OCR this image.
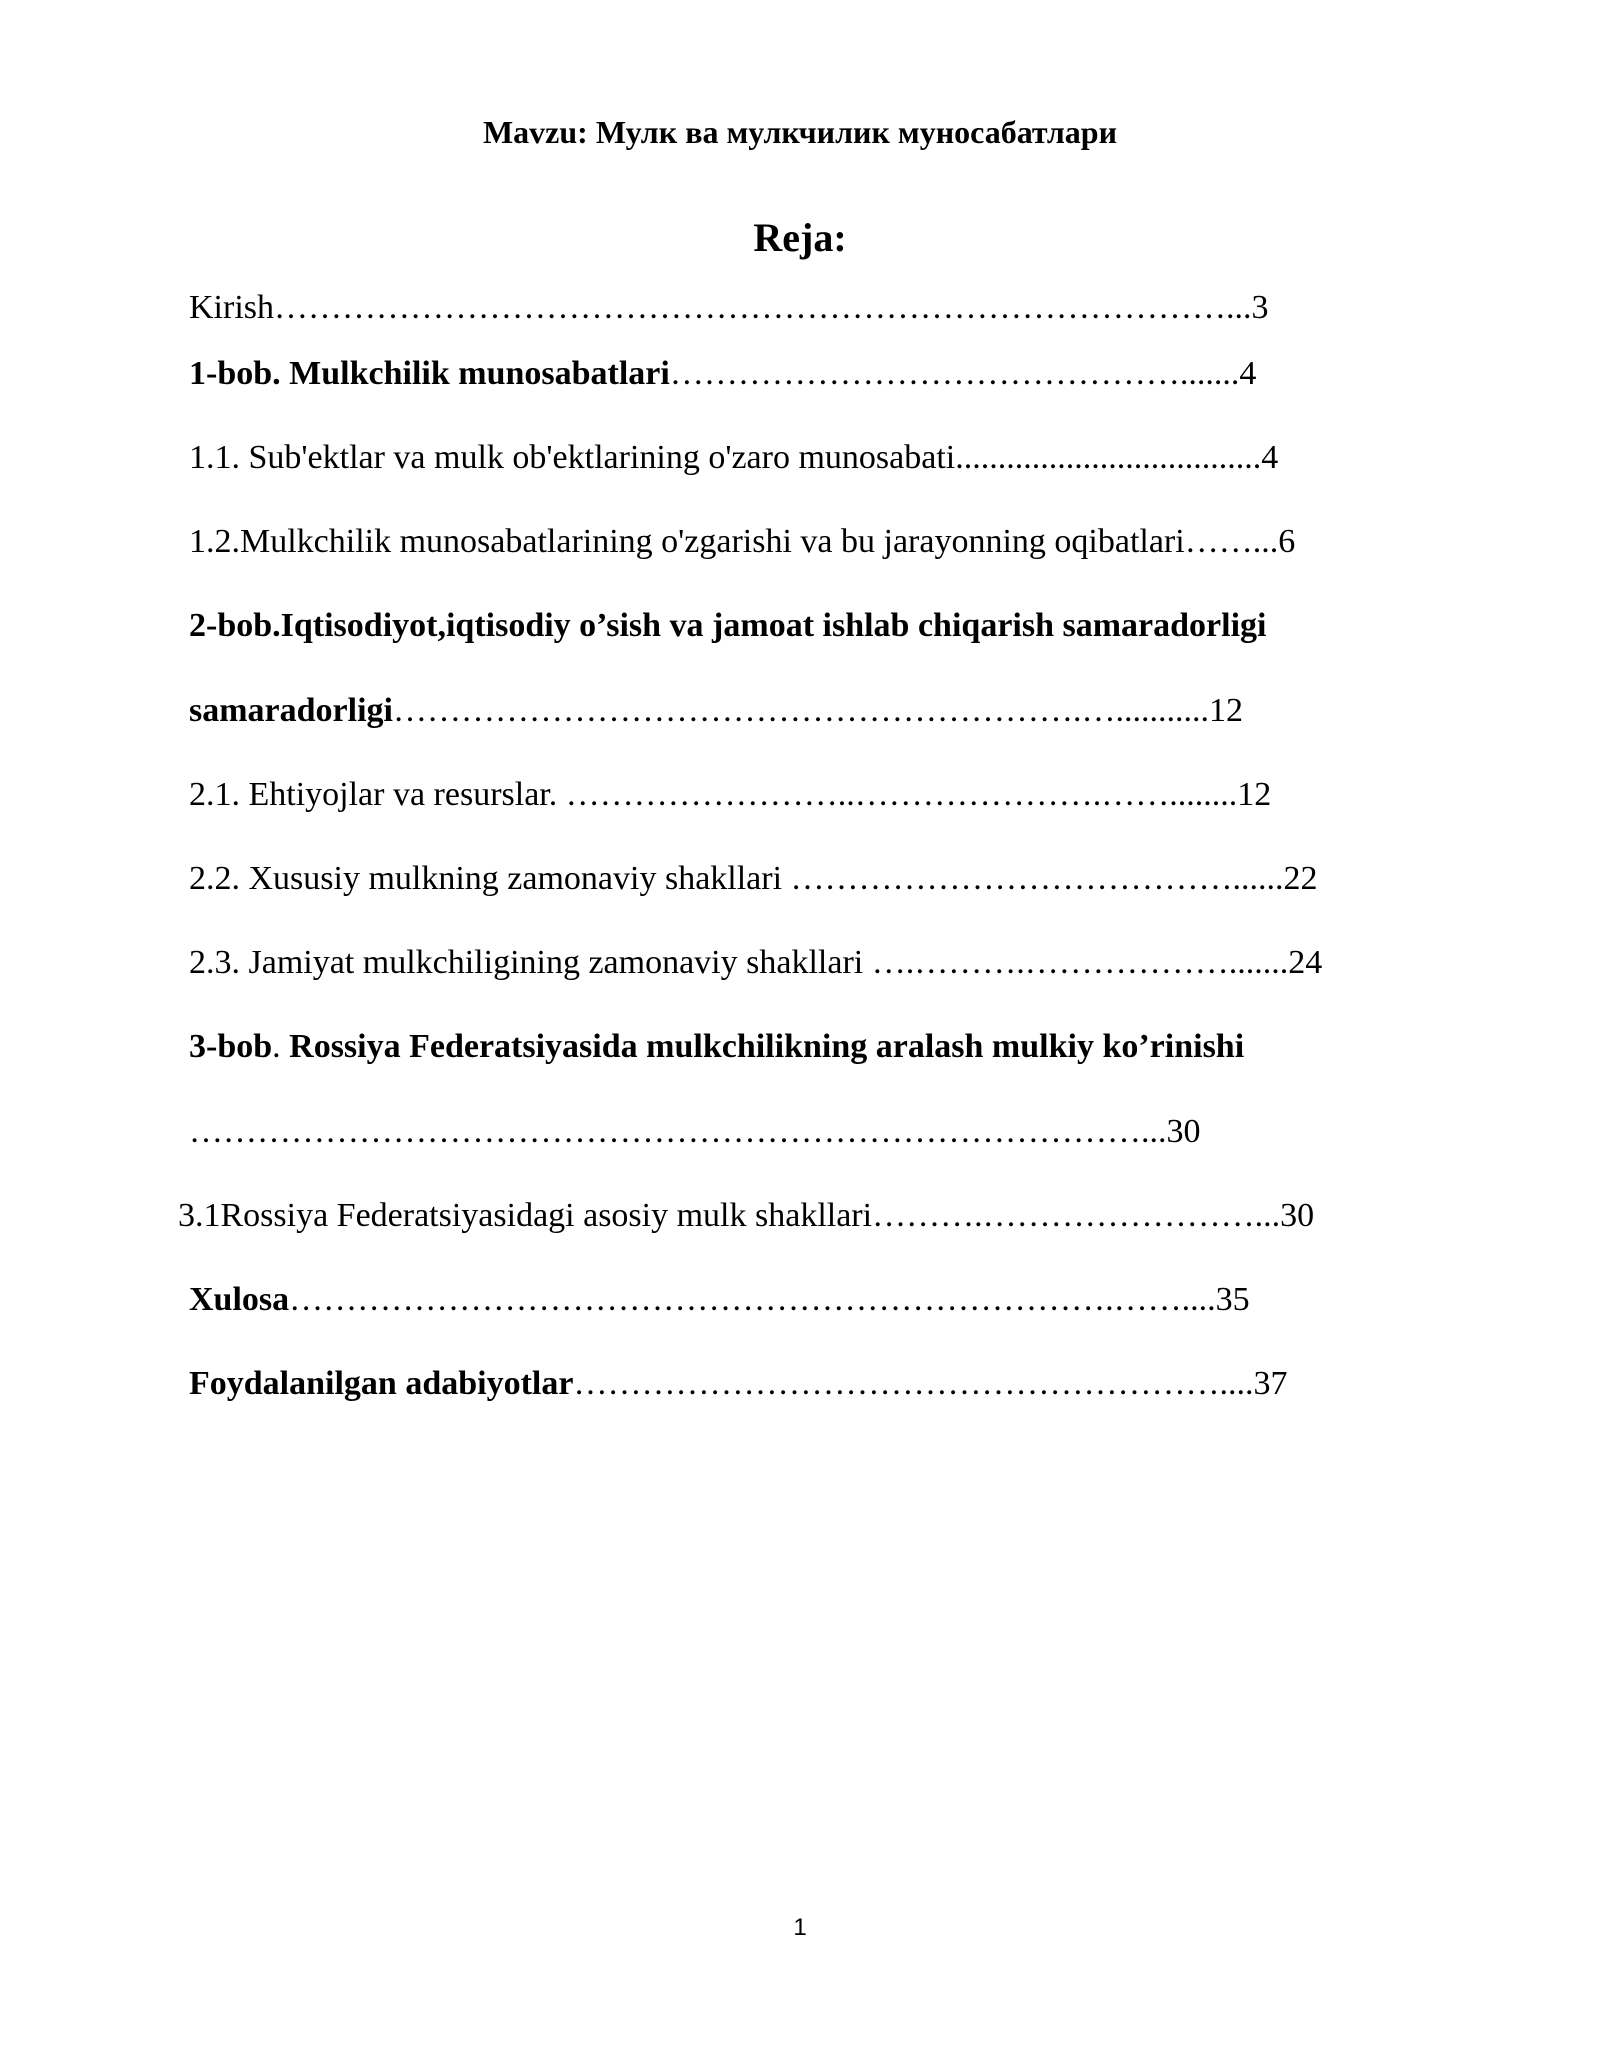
Mavzu: Мулк ва мулкчилик муносабатлари
Reja:
Kirish…………………………………………………………………………...3
1-bob. Mulkchilik munosabatlari……………………………………….......4
1.1. Sub'ektlar va mulk ob'ektlarining o'zaro munosabati....................................4
1.2.Mulkchilik munosabatlarining o'zgarishi va bu jarayonning oqibatlari……...6
2-bob.Iqtisodiyot,iqtisodiy o’sish va jamoat ishlab chiqarish samaradorligi
samaradorligi…………………………………………………….…...........12
2.1. Ehtiyojlar va resurslar. ……………………..………………….……........12
2.2. Xususiy mulkning zamonaviy shakllari …………………………………......22
2.3. Jamiyat mulkchiligining zamonaviy shakllari ….……….……………….......24
3-bob. Rossiya Federatsiyasida mulkchilikning aralash mulkiy ko’rinishi
…………………………………………………………………………...30
3.1Rossiya Federatsiyasidagi asosiy mulk shakllari……….……………………...30
Xulosa……………………………………………………………….……....35
Foydalanilgan adabiyotlar…………………………………………………....37
1
